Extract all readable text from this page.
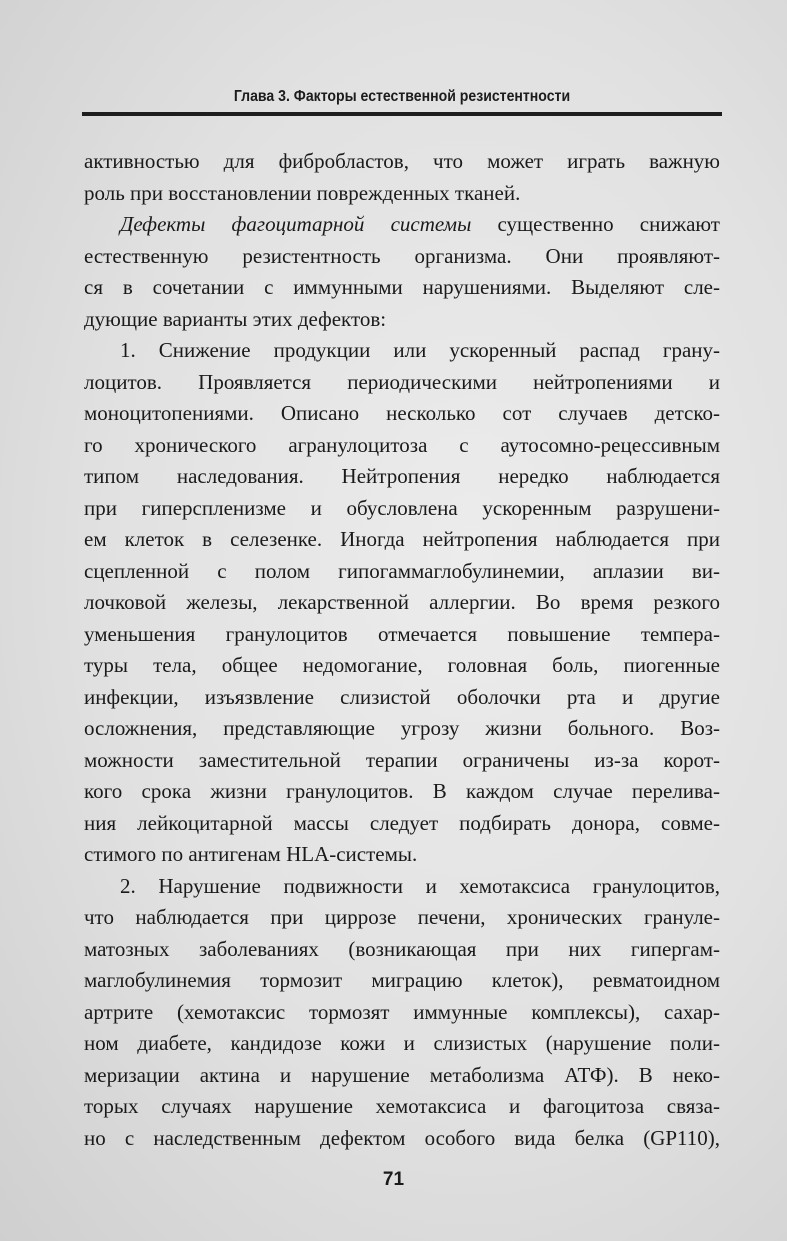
Глава 3. Факторы естественной резистентности
активностью для фибробластов, что может играть важную
роль при восстановлении поврежденных тканей.
Дефекты фагоцитарной системы существенно снижают
естественную резистентность организма. Они проявляют-
ся в сочетании с иммунными нарушениями. Выделяют сле-
дующие варианты этих дефектов:
1. Снижение продукции или ускоренный распад грану-
лоцитов. Проявляется периодическими нейтропениями и
моноцитопениями. Описано несколько сот случаев детско-
го хронического агранулоцитоза с аутосомно-рецессивным
типом наследования. Нейтропения нередко наблюдается
при гиперспленизме и обусловлена ускоренным разрушени-
ем клеток в селезенке. Иногда нейтропения наблюдается при
сцепленной с полом гипогаммаглобулинемии, аплазии ви-
лочковой железы, лекарственной аллергии. Во время резкого
уменьшения гранулоцитов отмечается повышение темпера-
туры тела, общее недомогание, головная боль, пиогенные
инфекции, изъязвление слизистой оболочки рта и другие
осложнения, представляющие угрозу жизни больного. Воз-
можности заместительной терапии ограничены из-за корот-
кого срока жизни гранулоцитов. В каждом случае перелива-
ния лейкоцитарной массы следует подбирать донора, совме-
стимого по антигенам HLA-системы.
2. Нарушение подвижности и хемотаксиса гранулоцитов,
что наблюдается при циррозе печени, хронических грануле-
матозных заболеваниях (возникающая при них гипергам-
маглобулинемия тормозит миграцию клеток), ревматоидном
артрите (хемотаксис тормозят иммунные комплексы), сахар-
ном диабете, кандидозе кожи и слизистых (нарушение поли-
меризации актина и нарушение метаболизма АТФ). В неко-
торых случаях нарушение хемотаксиса и фагоцитоза связа-
но с наследственным дефектом особого вида белка (GP110),
71
